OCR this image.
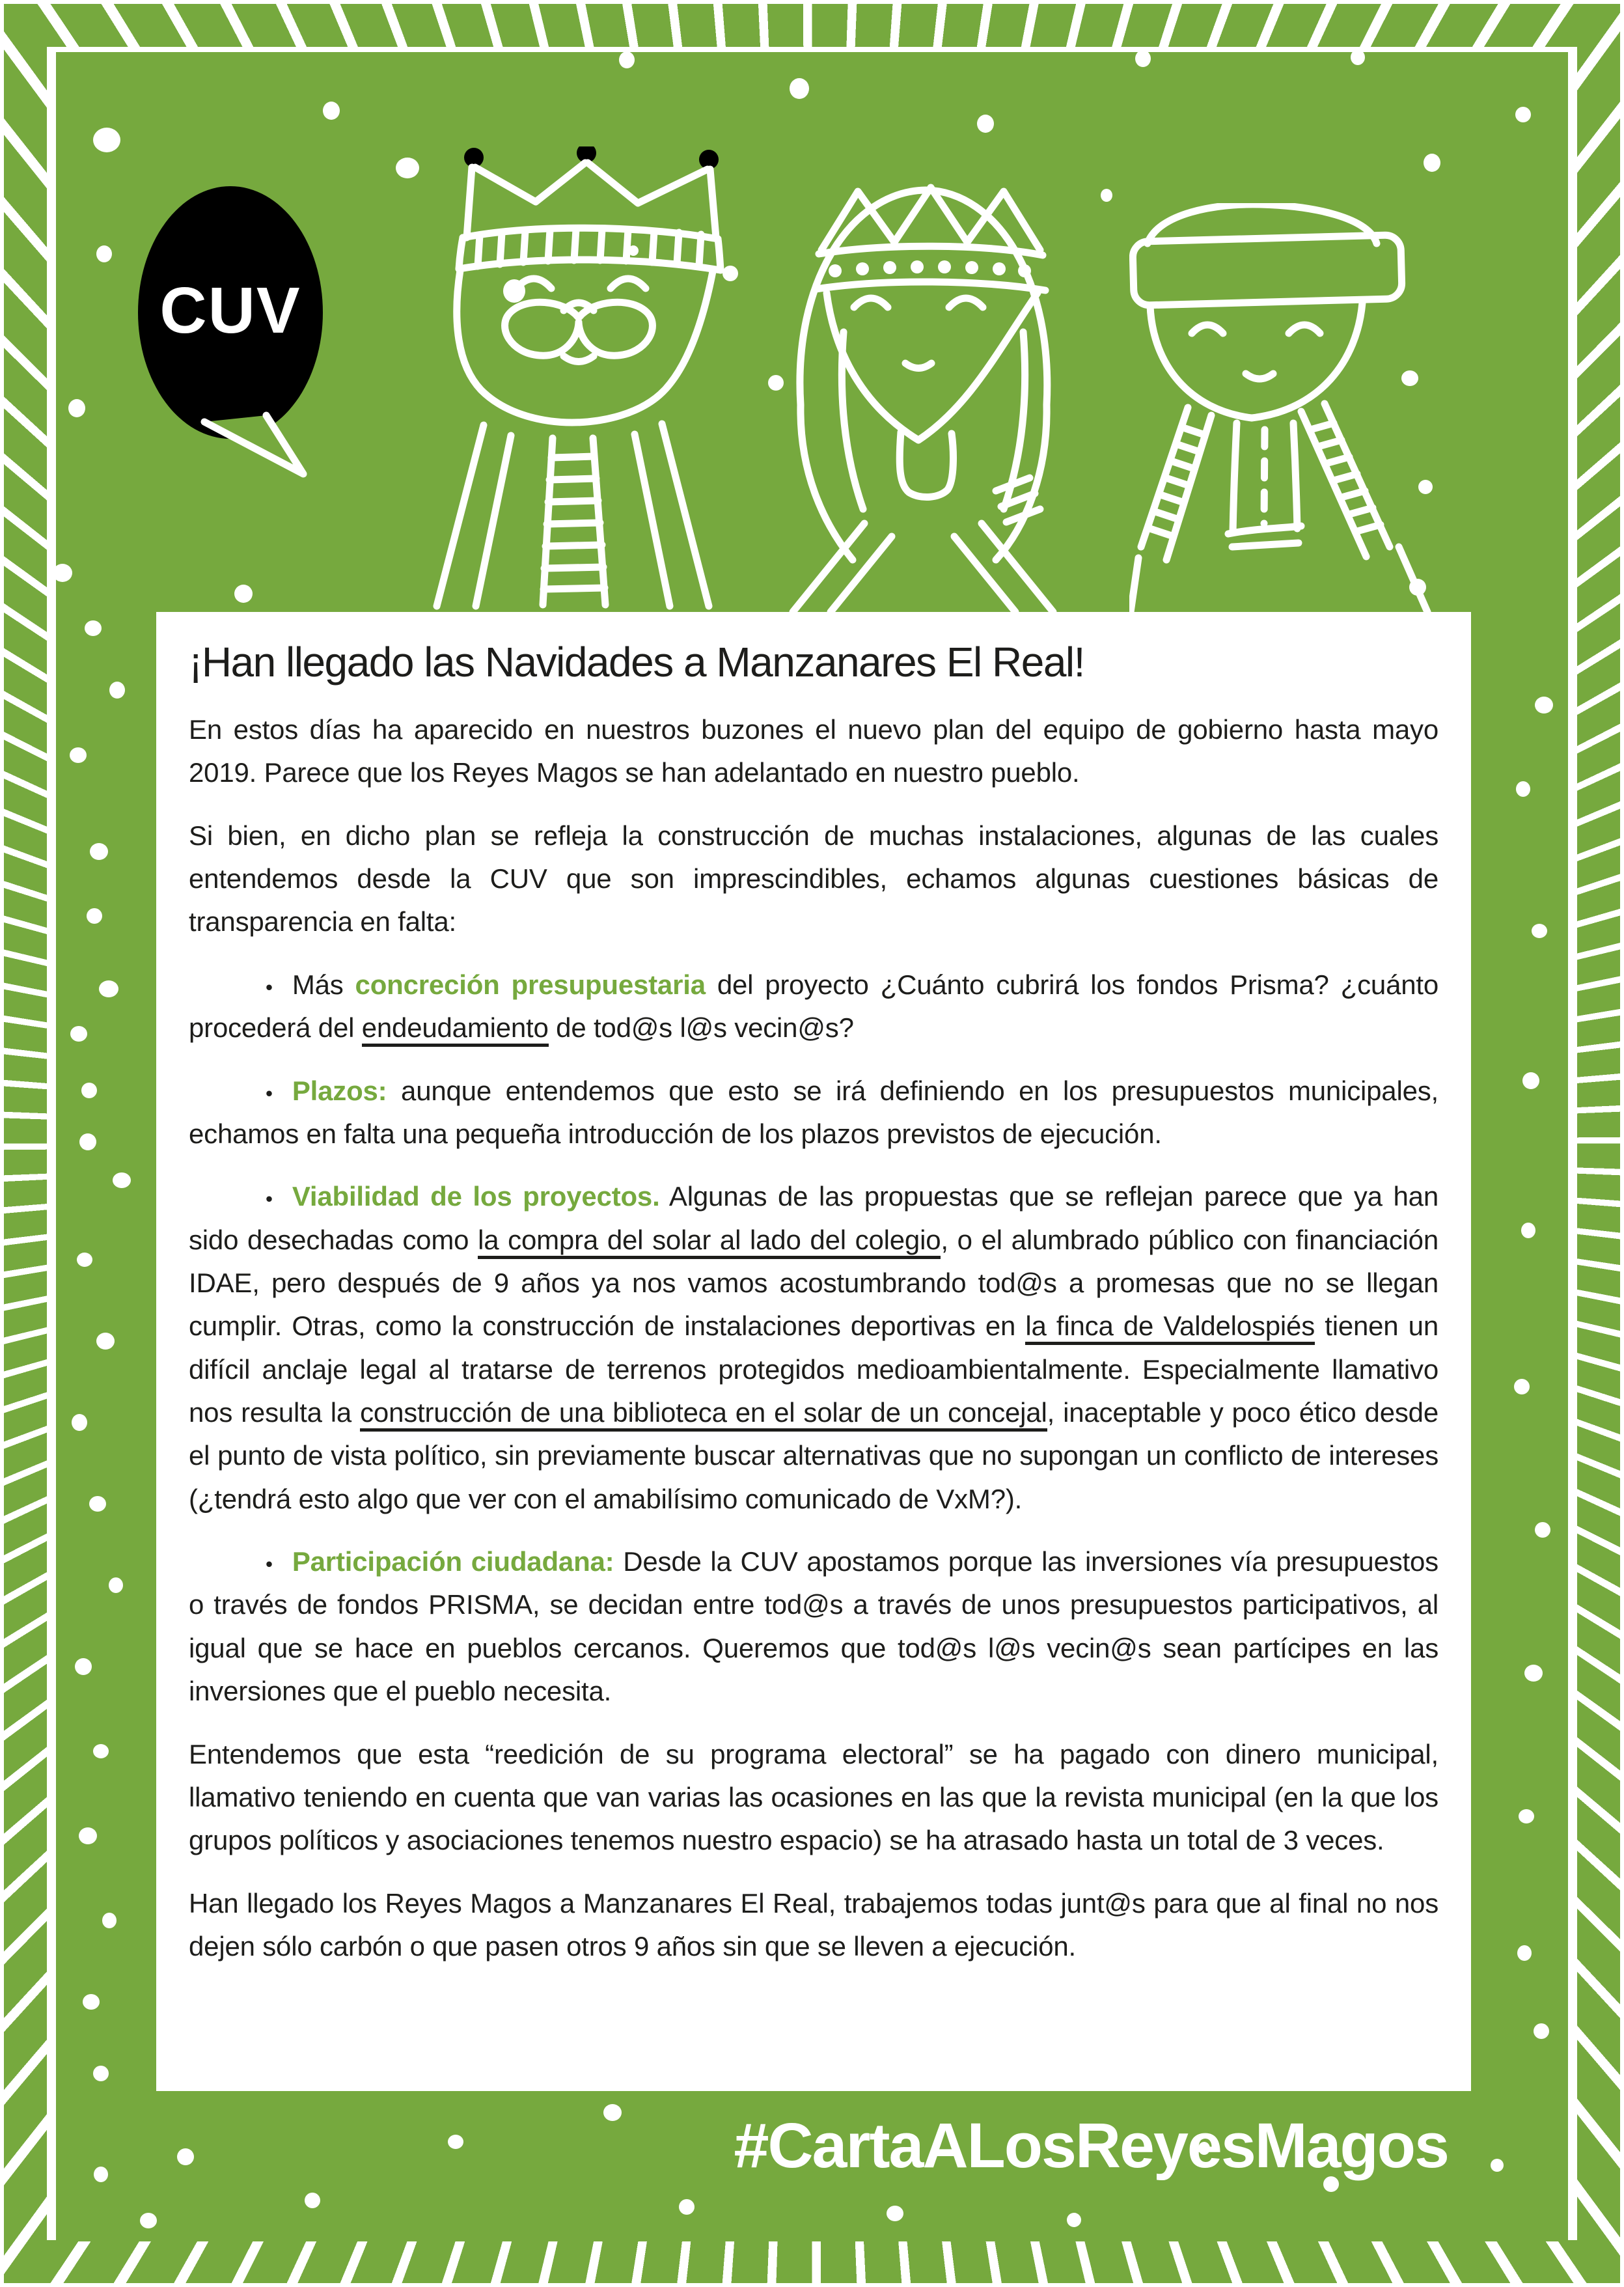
CUV
#CartaALosReyesMagos
¡Han llegado las Navidades a Manzanares El Real!

En estos días ha aparecido en nuestros buzones el nuevo plan del equipo de gobierno hasta mayo 2019. Parece que los Reyes Magos se han adelantado en nuestro pueblo.

Si bien, en dicho plan se refleja la construcción de muchas instalaciones, algunas de las cuales entendemos desde la CUV que son imprescindibles, echamos algunas cuestiones básicas de transparencia en falta:

• Más concreción presupuestaria del proyecto ¿Cuánto cubrirá los fondos Prisma? ¿cuánto procederá del endeudamiento de tod@s l@s vecin@s?

• Plazos: aunque entendemos que esto se irá definiendo en los presupuestos municipales, echamos en falta una pequeña introducción de los plazos previstos de ejecución.

• Viabilidad de los proyectos. Algunas de las propuestas que se reflejan parece que ya han sido desechadas como la compra del solar al lado del colegio, o el alumbrado público con financiación IDAE, pero después de 9 años ya nos vamos acostumbrando tod@s a promesas que no se llegan cumplir. Otras, como la construcción de instalaciones deportivas en la finca de Valdelospiés tienen un difícil anclaje legal al tratarse de terrenos protegidos medioambientalmente. Especialmente llamativo nos resulta la construcción de una biblioteca en el solar de un concejal, inaceptable y poco ético desde el punto de vista político, sin previamente buscar alternativas que no supongan un conflicto de intereses (¿tendrá esto algo que ver con el amabilísimo comunicado de VxM?).

• Participación ciudadana: Desde la CUV apostamos porque las inversiones vía presupuestos o través de fondos PRISMA, se decidan entre tod@s a través de unos presupuestos participativos, al igual que se hace en pueblos cercanos. Queremos que tod@s l@s vecin@s sean partícipes en las inversiones que el pueblo necesita.

Entendemos que esta “reedición de su programa electoral” se ha pagado con dinero municipal, llamativo teniendo en cuenta que van varias las ocasiones en las que la revista municipal (en la que los grupos políticos y asociaciones tenemos nuestro espacio) se ha atrasado hasta un total de 3 veces.

Han llegado los Reyes Magos a Manzanares El Real, trabajemos todas junt@s para que al final no nos dejen sólo carbón o que pasen otros 9 años sin que se lleven a ejecución.
